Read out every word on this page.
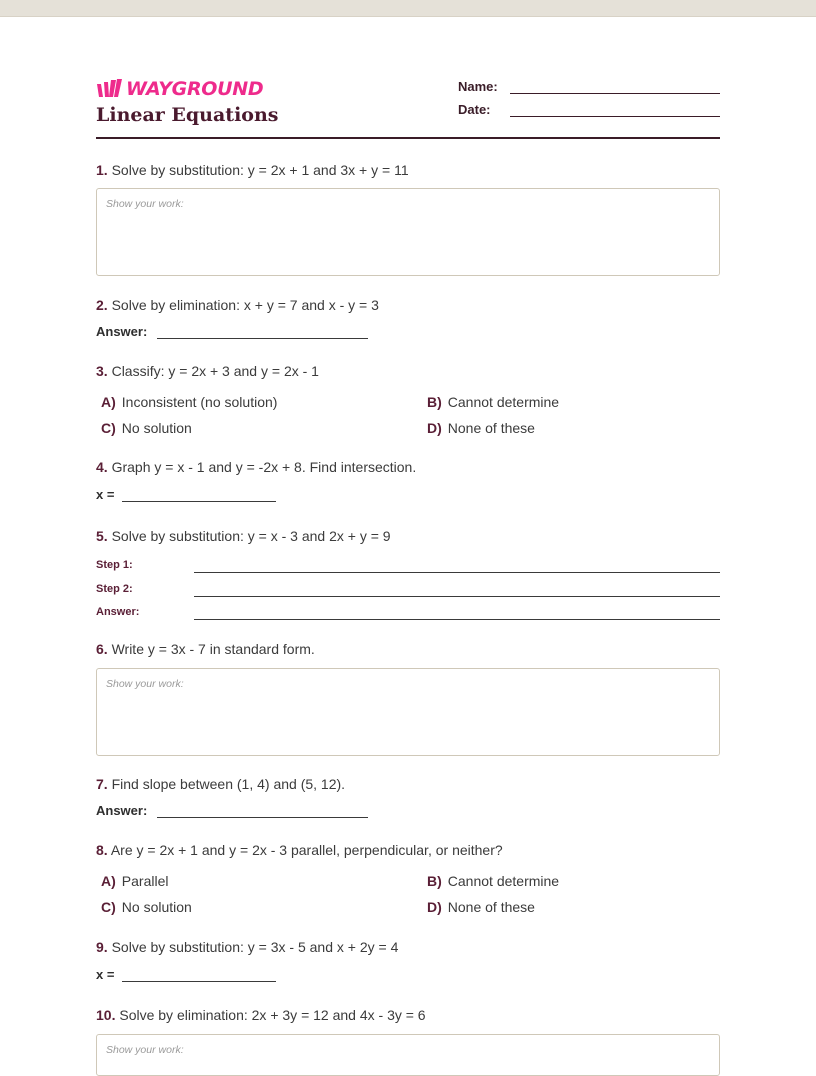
WAYGROUND
Linear Equations
Name:
Date:
1. Solve by substitution: y = 2x + 1 and 3x + y = 11
Show your work:
2. Solve by elimination: x + y = 7 and x - y = 3
Answer:
3. Classify: y = 2x + 3 and y = 2x - 1
A) Inconsistent (no solution)	B) Cannot determine
C) No solution	D) None of these
4. Graph y = x - 1 and y = -2x + 8. Find intersection.
x =
5. Solve by substitution: y = x - 3 and 2x + y = 9
Step 1:
Step 2:
Answer:
6. Write y = 3x - 7 in standard form.
Show your work:
7. Find slope between (1, 4) and (5, 12).
Answer:
8. Are y = 2x + 1 and y = 2x - 3 parallel, perpendicular, or neither?
A) Parallel	B) Cannot determine
C) No solution	D) None of these
9. Solve by substitution: y = 3x - 5 and x + 2y = 4
x =
10. Solve by elimination: 2x + 3y = 12 and 4x - 3y = 6
Show your work:
